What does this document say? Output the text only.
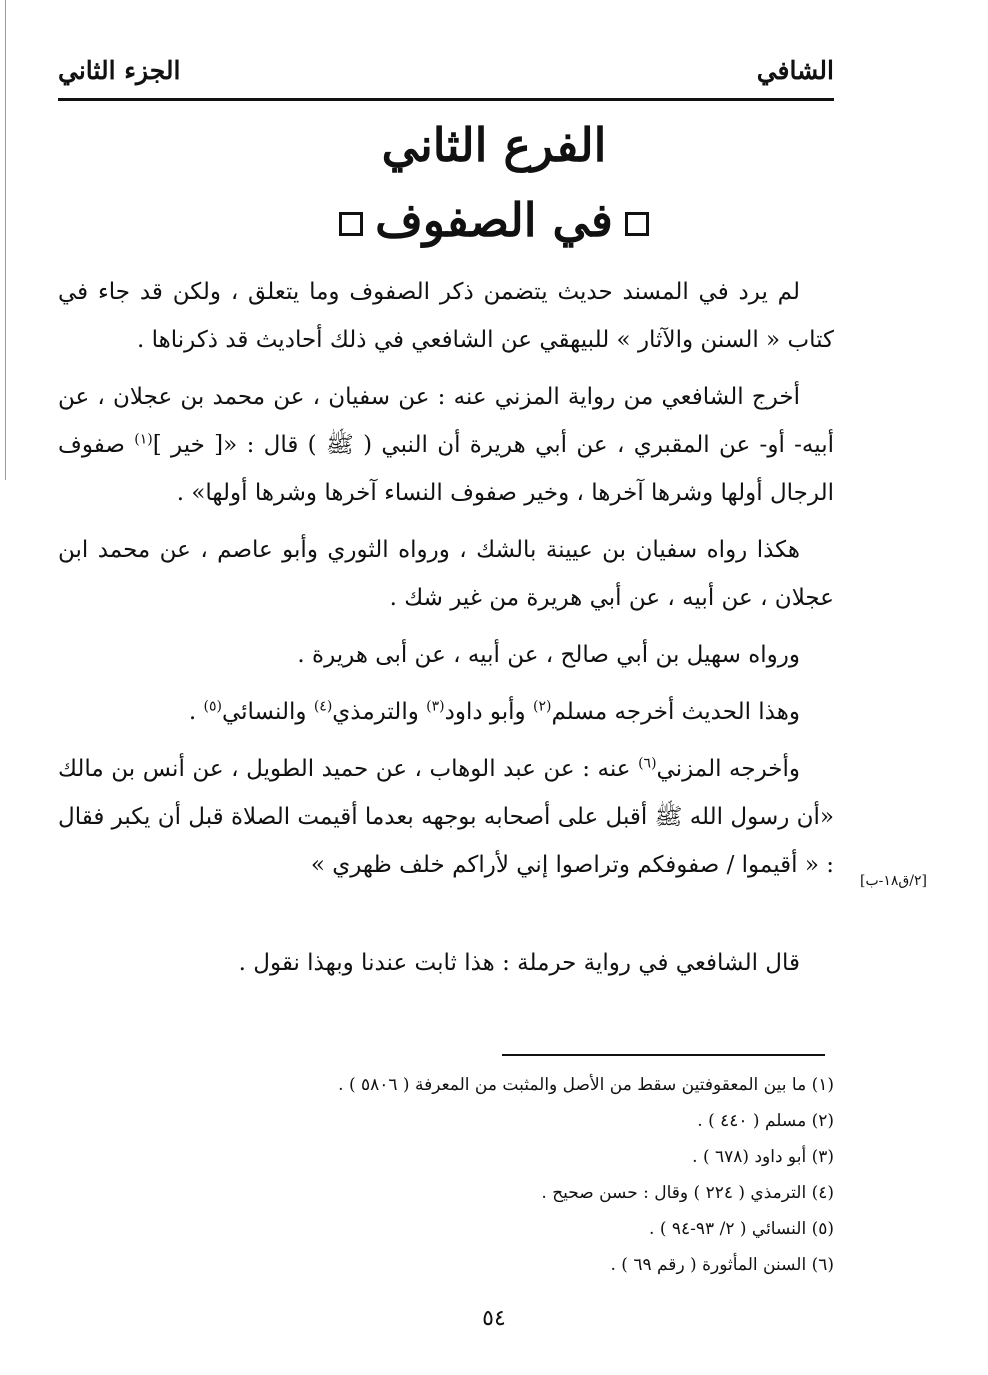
الشافي
الجزء الثاني
الفرع الثاني
في الصفوف

لم يرد في المسند حديث يتضمن ذكر الصفوف وما يتعلق ، ولكن قد جاء في كتاب « السنن والآثار » للبيهقي عن الشافعي في ذلك أحاديث قد ذكرناها .

أخرج الشافعي من رواية المزني عنه : عن سفيان ، عن محمد بن عجلان ، عن أبيه- أو- عن المقبري ، عن أبي هريرة أن النبي ( ﷺ ) قال : «[ خير ]$^{(١)}$ صفوف الرجال أولها وشرها آخرها ، وخير صفوف النساء آخرها وشرها أولها» .

هكذا رواه سفيان بن عيينة بالشك ، ورواه الثوري وأبو عاصم ، عن محمد ابن عجلان ، عن أبيه ، عن أبي هريرة من غير شك .

ورواه سهيل بن أبي صالح ، عن أبيه ، عن أبى هريرة .

وهذا الحديث أخرجه مسلم$^{(٢)}$ وأبو داود$^{(٣)}$ والترمذي$^{(٤)}$ والنسائي$^{(٥)}$ .

وأخرجه المزني$^{(٦)}$ عنه : عن عبد الوهاب ، عن حميد الطويل ، عن أنس بن مالك «أن رسول الله ﷺ أقبل على أصحابه بوجهه بعدما أقيمت الصلاة قبل أن يكبر فقال : « أقيموا / صفوفكم وتراصوا إني لأراكم خلف ظهري »

قال الشافعي في رواية حرملة : هذا ثابت عندنا وبهذا نقول .

[٢/ق١٨-ب]
(١) ما بين المعقوفتين سقط من الأصل والمثبت من المعرفة ( ٥٨٠٦ ) .
(٢) مسلم ( ٤٤٠ ) .
(٣) أبو داود (٦٧٨ ) .
(٤) الترمذي ( ٢٢٤ ) وقال : حسن صحيح .
(٥) النسائي ( ٢/ ٩٣-٩٤ ) .
(٦) السنن المأثورة ( رقم ٦٩ ) .
٥٤
